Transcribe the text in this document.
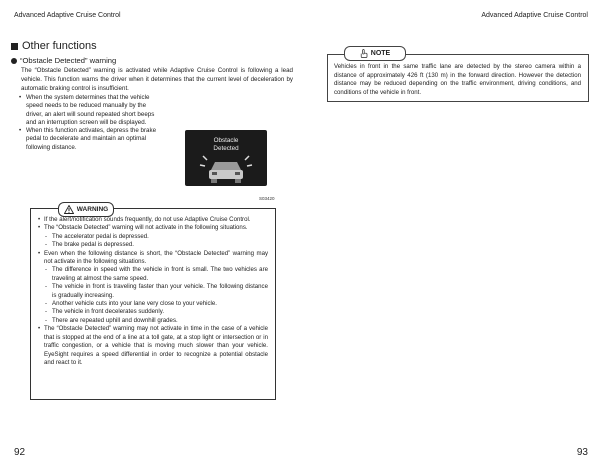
Advanced Adaptive Cruise Control
Other functions
“Obstacle Detected” warning

The “Obstacle Detected” warning is activated while Adaptive Cruise Control is following a lead vehicle. This function warns the driver when it determines that the current level of deceleration by automatic braking control is insufficient.

• When the system determines that the vehicle speed needs to be reduced manually by the driver, an alert will sound repeated short beeps and an interruption screen will be displayed.
• When this function activates, depress the brake pedal to decelerate and maintain an optimal following distance.
Obstacle
Detected
S03420
WARNING
• If the alert/notification sounds frequently, do not use Adaptive Cruise Control.
• The “Obstacle Detected” warning will not activate in the following situations.
- The accelerator pedal is depressed.
- The brake pedal is depressed.
• Even when the following distance is short, the “Obstacle Detected” warning may not activate in the following situations.
- The difference in speed with the vehicle in front is small. The two vehicles are traveling at almost the same speed.
- The vehicle in front is traveling faster than your vehicle. The following distance is gradually increasing.
- Another vehicle cuts into your lane very close to your vehicle.
- The vehicle in front decelerates suddenly.
- There are repeated uphill and downhill grades.
• The “Obstacle Detected” warning may not activate in time in the case of a vehicle that is stopped at the end of a line at a toll gate, at a stop light or intersection or in traffic congestion, or a vehicle that is moving much slower than your vehicle. EyeSight requires a speed differential in order to recognize a potential obstacle and react to it.
92
Advanced Adaptive Cruise Control
93
NOTE

Vehicles in front in the same traffic lane are detected by the stereo camera within a distance of approximately 426 ft (130 m) in the forward direction. However the detection distance may be reduced depending on the traffic environment, driving conditions, and conditions of the vehicle in front.
